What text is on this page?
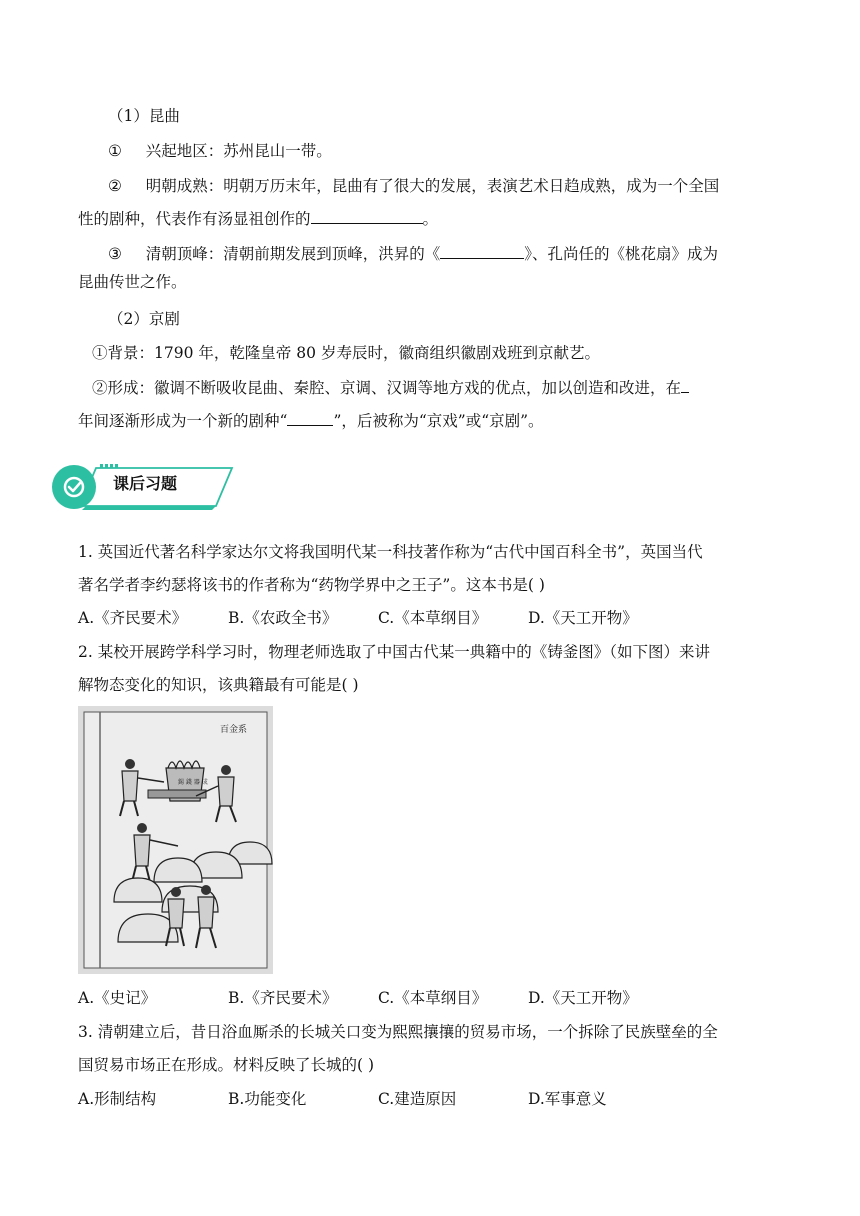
（1）昆曲
① 兴起地区：苏州昆山一带。
② 明朝成熟：明朝万历末年，昆曲有了很大的发展，表演艺术日趋成熟，成为一个全国
性的剧种，代表作有汤显祖创作的	。
③ 清朝顶峰：清朝前期发展到顶峰，洪昇的《	》、孔尚任的《桃花扇》成为
昆曲传世之作。
（2）京剧
①背景：1790 年，乾隆皇帝 80 岁寿辰时，徽商组织徽剧戏班到京献艺。
②形成：徽调不断吸收昆曲、秦腔、京调、汉调等地方戏的优点，加以创造和改进，在
年间逐渐形成为一个新的剧种“	”，后被称为“京戏”或“京剧”。
课后习题
1. 英国近代著名科学家达尔文将我国明代某一科技著作称为“古代中国百科全书”，英国当代
著名学者李约瑟将该书的作者称为“药物学界中之王子”。这本书是( )
A.《齐民要术》	B.《农政全书》	C.《本草纲目》	D.《天工开物》
2. 某校开展跨学科学习时，物理老师选取了中国古代某一典籍中的《铸釜图》（如下图）来讲
解物态变化的知识，该典籍最有可能是( )
百金系
錫 錢 器 成
A.《史记》	B.《齐民要术》	C.《本草纲目》	D.《天工开物》
3. 清朝建立后，昔日浴血厮杀的长城关口变为熙熙攘攘的贸易市场，一个拆除了民族壁垒的全
国贸易市场正在形成。材料反映了长城的( )
A.形制结构	B.功能变化	C.建造原因	D.军事意义
